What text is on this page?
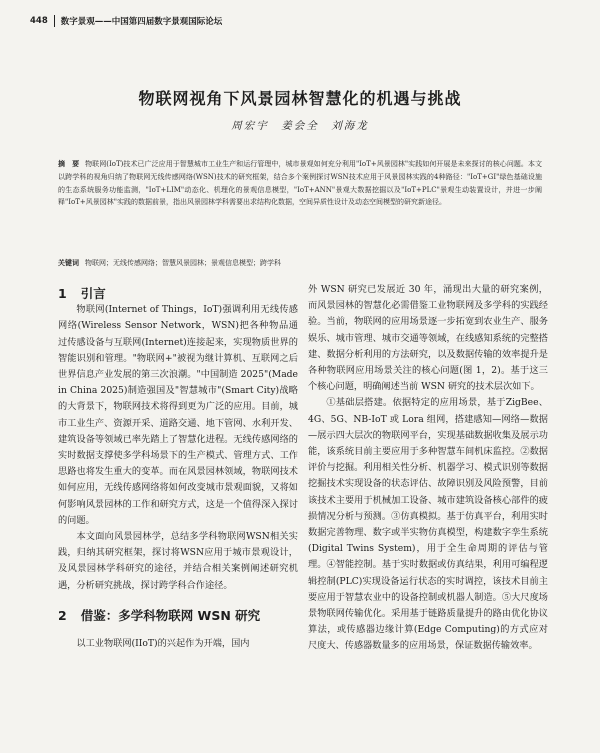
448 数字景观——中国第四届数字景观国际论坛
物联网视角下风景园林智慧化的机遇与挑战
周宏宇　姜会全　刘海龙
摘　要 物联网(IoT)技术已广泛应用于智慧城市工业生产和运行管理中，城市景观如何充分利用"IoT+风景园林"实践如何开展是未来探讨的核心问题。本文以跨学科的视角归纳了物联网无线传感网络(WSN)技术的研究框架，结合多个案例探讨WSN技术应用于风景园林实践的4种路径："IoT+GI"绿色基础设施的生态系统服务功能监测，"IoT+LIM"动态化、机理化的景观信息模型，"IoT+ANN"景观大数据挖掘以及"IoT+PLC"景观生动装置设计，并进一步阐释"IoT+风景园林"实践的数据前景，指出风景园林学科需要出求结构化数据，空间异质性设计及动态空间模型的研究新途径。
关键词 物联网；无线传感网络；智慧风景园林；景观信息模型；跨学科

1 引言

物联网(Internet of Things，IoT)强调利用无线传感网络(Wireless Sensor Network，WSN)把各种物品通过传感设备与互联网(Internet)连接起来，实现物质世界的智能识别和管理。"物联网+"被视为继计算机、互联网之后世界信息产业发展的第三次浪潮。"中国制造 2025"(Made in China 2025)制造强国及"智慧城市"(Smart City)战略的大背景下，物联网技术将得到更为广泛的应用。目前，城市工业生产、资源开采、道路交通、地下管网、水利开发、建筑设备等领域已率先踏上了智慧化进程。无线传感网络的实时数据支撑使多学科场景下的生产模式、管理方式、工作思路也将发生重大的变革。而在风景园林领域，物联网技术如何应用，无线传感网络将如何改变城市景观面貌，又将如何影响风景园林的工作和研究方式，这是一个值得深入探讨的问题。

本文面向风景园林学，总结多学科物联网WSN相关实践，归纳其研究框架，探讨将WSN应用于城市景观设计，及风景园林学科研究的途径，并结合相关案例阐述研究机遇，分析研究挑战，探讨跨学科合作途径。

2 借鉴：多学科物联网 WSN 研究

以工业物联网(IIoT)的兴起作为开端，国内

外 WSN 研究已发展近 30 年，涌现出大量的研究案例，而风景园林的智慧化必需借鉴工业物联网及多学科的实践经验。当前，物联网的应用场景逐一步拓宽到农业生产、服务娱乐、城市管理、城市交通等领域，在线感知系统的完整搭建、数据分析利用的方法研究，以及数据传输的效率提升是各种物联网应用场景关注的核心问题(图 1，2)。基于这三个核心问题，明确阐述当前 WSN 研究的技术层次如下。

①基础层搭建。依据特定的应用场景，基于ZigBee、4G、5G、NB-IoT 或 Lora 组网，搭建感知—网络—数据—展示四大层次的物联网平台，实现基础数据收集及展示功能，该系统目前主要应用于多种智慧车间机床监控。②数据评价与挖掘。利用相关性分析、机器学习、模式识别等数据挖掘技术实现设备的状态评估、故障识别及风险预警，目前该技术主要用于机械加工设备、城市建筑设备核心部件的疲损情况分析与预测。③仿真模拟。基于仿真平台，利用实时数据完善物理、数字或半实物仿真模型，构建数字孪生系统(Digital Twins System)，用于全生命周期的评估与管理。④智能控制。基于实时数据或仿真结果，利用可编程逻辑控制(PLC)实现设备运行状态的实时调控，该技术目前主要应用于智慧农业中的设备控制或机器人制造。⑤大尺度场景物联网传输优化。采用基于链路质量提升的路由优化协议算法，或传感器边缘计算(Edge Computing)的方式应对尺度大、传感器数量多的应用场景，保证数据传输效率。
